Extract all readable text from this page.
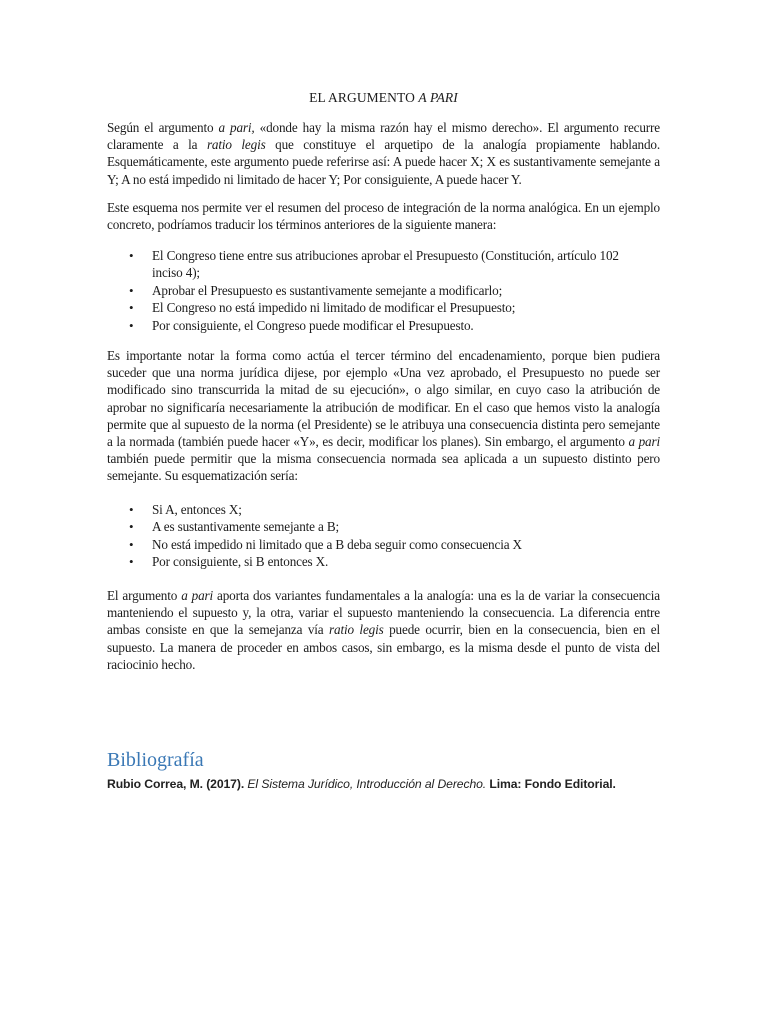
EL ARGUMENTO A PARI

Según el argumento a pari, «donde hay la misma razón hay el mismo derecho». El argumento recurre claramente a la ratio legis que constituye el arquetipo de la analogía propiamente hablando. Esquemáticamente, este argumento puede referirse así: A puede hacer X; X es sustantivamente semejante a Y; A no está impedido ni limitado de hacer Y; Por consiguiente, A puede hacer Y.

Este esquema nos permite ver el resumen del proceso de integración de la norma analógica. En un ejemplo concreto, podríamos traducir los términos anteriores de la siguiente manera:

• El Congreso tiene entre sus atribuciones aprobar el Presupuesto (Constitución, artículo 102
inciso 4);
• Aprobar el Presupuesto es sustantivamente semejante a modificarlo;
• El Congreso no está impedido ni limitado de modificar el Presupuesto;
• Por consiguiente, el Congreso puede modificar el Presupuesto.

Es importante notar la forma como actúa el tercer término del encadenamiento, porque bien pudiera suceder que una norma jurídica dijese, por ejemplo «Una vez aprobado, el Presupuesto no puede ser modificado sino transcurrida la mitad de su ejecución», o algo similar, en cuyo caso la atribución de aprobar no significaría necesariamente la atribución de modificar. En el caso que hemos visto la analogía permite que al supuesto de la norma (el Presidente) se le atribuya una consecuencia distinta pero semejante a la normada (también puede hacer «Y», es decir, modificar los planes). Sin embargo, el argumento a pari también puede permitir que la misma consecuencia normada sea aplicada a un supuesto distinto pero semejante. Su esquematización sería:

• Si A, entonces X;
• A es sustantivamente semejante a B;
• No está impedido ni limitado que a B deba seguir como consecuencia X
• Por consiguiente, si B entonces X.

El argumento a pari aporta dos variantes fundamentales a la analogía: una es la de variar la consecuencia manteniendo el supuesto y, la otra, variar el supuesto manteniendo la consecuencia. La diferencia entre ambas consiste en que la semejanza vía ratio legis puede ocurrir, bien en la consecuencia, bien en el supuesto. La manera de proceder en ambos casos, sin embargo, es la misma desde el punto de vista del raciocinio hecho.

Bibliografía
Rubio Correa, M. (2017). El Sistema Jurídico, Introducción al Derecho. Lima: Fondo Editorial.
